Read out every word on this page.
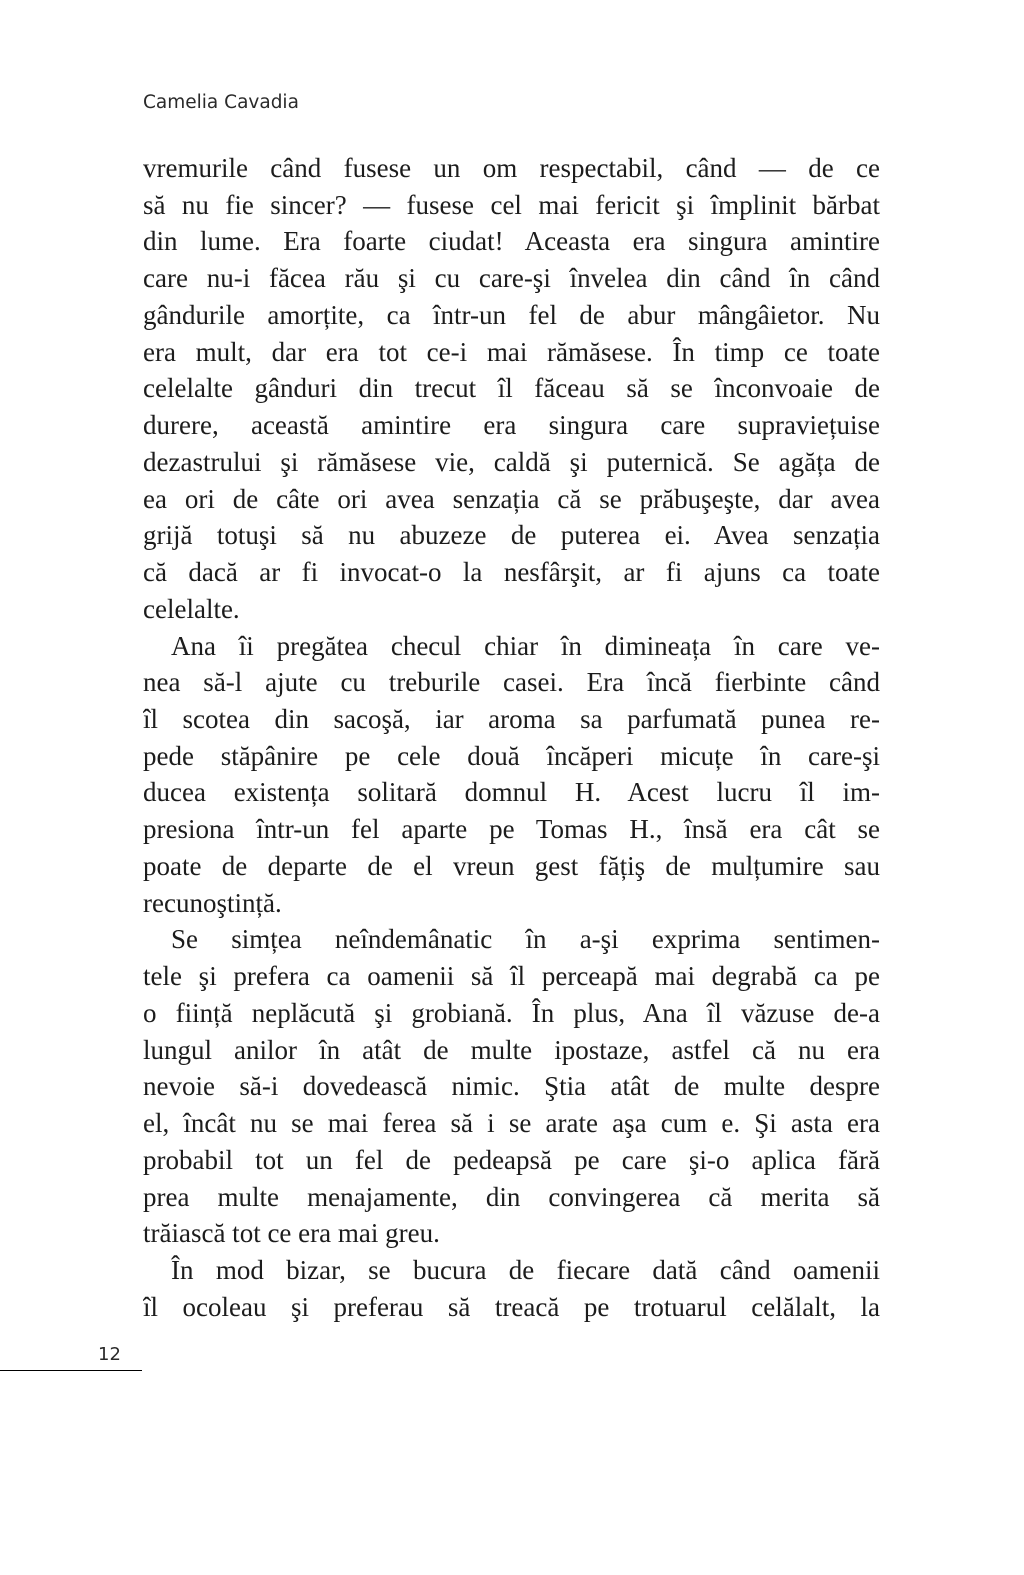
Camelia Cavadia
vremurile când fusese un om respectabil, când — de ce
să nu fie sincer? — fusese cel mai fericit şi împlinit bărbat
din lume. Era foarte ciudat! Aceasta era singura amintire
care nu-i făcea rău şi cu care-şi învelea din când în când
gândurile amorțite, ca într-un fel de abur mângâietor. Nu
era mult, dar era tot ce-i mai rămăsese. În timp ce toate
celelalte gânduri din trecut îl făceau să se înconvoaie de
durere, această amintire era singura care supraviețuise
dezastrului şi rămăsese vie, caldă şi puternică. Se agăța de
ea ori de câte ori avea senzația că se prăbuşeşte, dar avea
grijă totuşi să nu abuzeze de puterea ei. Avea senzația
că dacă ar fi invocat-o la nesfârşit, ar fi ajuns ca toate
celelalte.
Ana îi pregătea checul chiar în dimineața în care ve-
nea să-l ajute cu treburile casei. Era încă fierbinte când
îl scotea din sacoşă, iar aroma sa parfumată punea re-
pede stăpânire pe cele două încăperi micuțe în care-şi
ducea existența solitară domnul H. Acest lucru îl im-
presiona într-un fel aparte pe Tomas H., însă era cât se
poate de departe de el vreun gest fățiş de mulțumire sau
recunoştință.
Se simțea neîndemânatic în a-şi exprima sentimen-
tele şi prefera ca oamenii să îl perceapă mai degrabă ca pe
o ființă neplăcută şi grobiană. În plus, Ana îl văzuse de-a
lungul anilor în atât de multe ipostaze, astfel că nu era
nevoie să-i dovedească nimic. Ştia atât de multe despre
el, încât nu se mai ferea să i se arate aşa cum e. Şi asta era
probabil tot un fel de pedeapsă pe care şi-o aplica fără
prea multe menajamente, din convingerea că merita să
trăiască tot ce era mai greu.
În mod bizar, se bucura de fiecare dată când oamenii
îl ocoleau şi preferau să treacă pe trotuarul celălalt, la
12
